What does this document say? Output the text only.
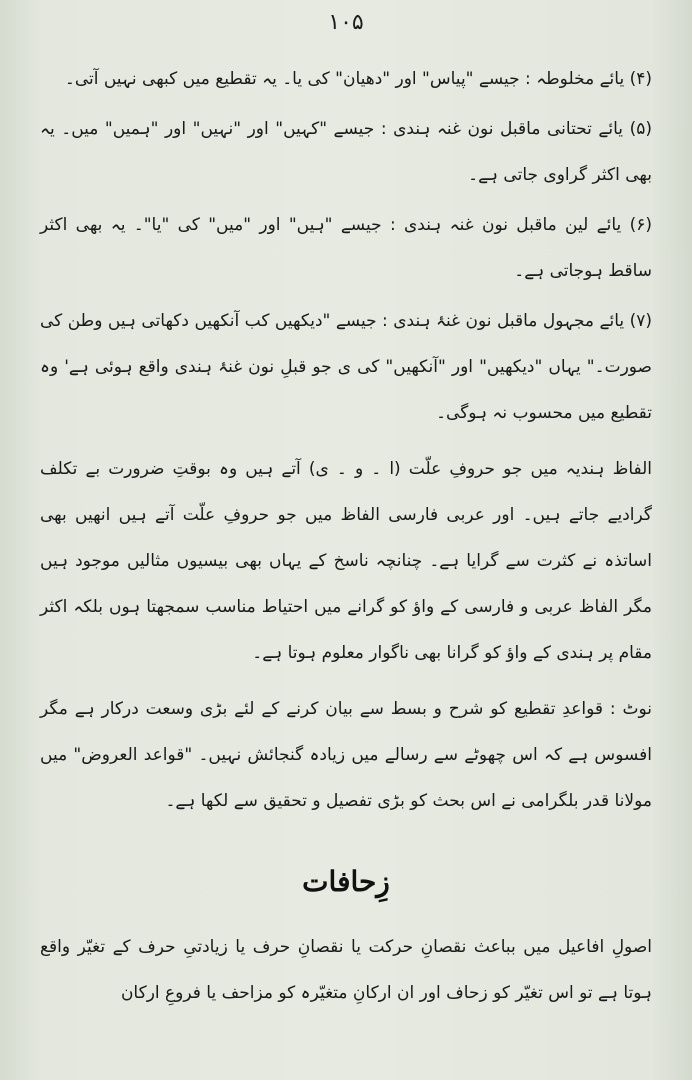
۱۰۵

(۴) یائے مخلوطہ : جیسے "پیاس" اور "دھیان" کی یا۔ یہ تقطیع میں کبھی نہیں آتی۔

(۵) یائے تحتانی ماقبل نون غنہ ہندی : جیسے "کہیں" اور "نہیں" اور "ہمیں" میں۔ یہ بھی اکثر گراوی جاتی ہے۔

(۶) یائے لین ماقبل نون غنہ ہندی : جیسے "ہیں" اور "میں" کی "یا"۔ یہ بھی اکثر ساقط ہوجاتی ہے۔

(۷) یائے مجہول ماقبل نون غنۂ ہندی : جیسے "دیکھیں کب آنکھیں دکھاتی ہیں وطن کی صورت۔" یہاں "دیکھیں" اور "آنکھیں" کی ی جو قبلِ نون غنۂ ہندی واقع ہوئی ہے' وہ تقطیع میں محسوب نہ ہوگی۔

الفاظ ہندیہ میں جو حروفِ علّت (ا ۔ و ۔ ی) آتے ہیں وہ بوقتِ ضرورت بے تکلف گرادیے جاتے ہیں۔ اور عربی فارسی الفاظ میں جو حروفِ علّت آتے ہیں انھیں بھی اساتذہ نے کثرت سے گرایا ہے۔ چنانچہ ناسخ کے یہاں بھی بیسیوں مثالیں موجود ہیں مگر الفاظ عربی و فارسی کے واؤ کو گرانے میں احتیاط مناسب سمجھتا ہوں بلکہ اکثر مقام پر ہندی کے واؤ کو گرانا بھی ناگوار معلوم ہوتا ہے۔

نوٹ : قواعدِ تقطیع کو شرح و بسط سے بیان کرنے کے لئے بڑی وسعت درکار ہے مگر افسوس ہے کہ اس چھوٹے سے رسالے میں زیادہ گنجائش نہیں۔ "قواعد العروض" میں مولانا قدر بلگرامی نے اس بحث کو بڑی تفصیل و تحقیق سے لکھا ہے۔

زِحافات

اصولِ افاعیل میں بباعث نقصانِ حرکت یا نقصانِ حرف یا زیادتیِ حرف کے تغیّر واقع ہوتا ہے تو اس تغیّر کو زحاف اور ان ارکانِ متغیّرہ کو مزاحف یا فروعِ ارکان
